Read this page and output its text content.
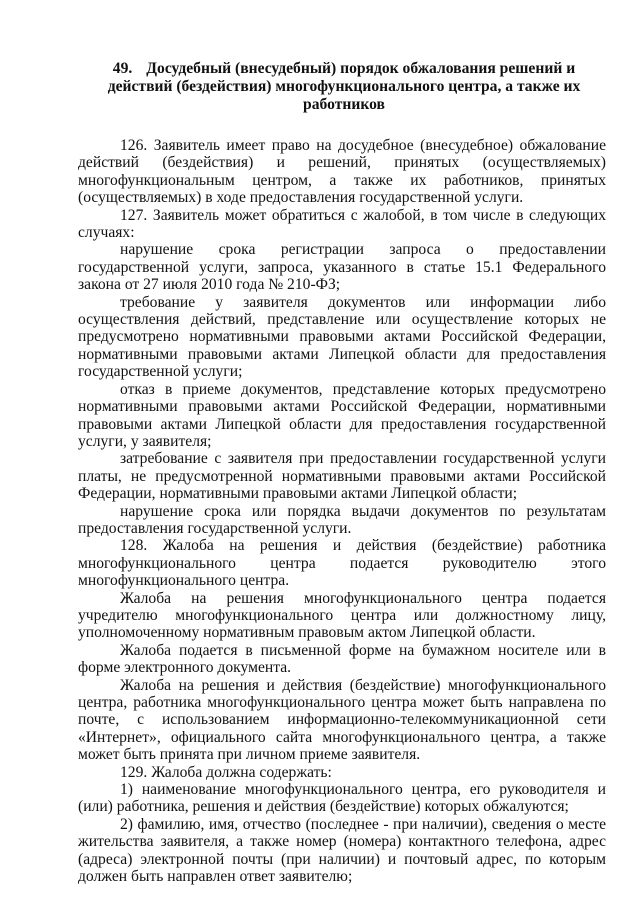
49. Досудебный (внесудебный) порядок обжалования решений и действий (бездействия) многофункционального центра, а также их работников

126. Заявитель имеет право на досудебное (внесудебное) обжалование действий (бездействия) и решений, принятых (осуществляемых) многофункциональным центром, а также их работников, принятых (осуществляемых) в ходе предоставления государственной услуги.

127. Заявитель может обратиться с жалобой, в том числе в следующих случаях:

нарушение срока регистрации запроса о предоставлении государственной услуги, запроса, указанного в статье 15.1 Федерального закона от 27 июля 2010 года № 210-ФЗ;

требование у заявителя документов или информации либо осуществления действий, представление или осуществление которых не предусмотрено нормативными правовыми актами Российской Федерации, нормативными правовыми актами Липецкой области для предоставления государственной услуги;

отказ в приеме документов, представление которых предусмотрено нормативными правовыми актами Российской Федерации, нормативными правовыми актами Липецкой области для предоставления государственной услуги, у заявителя;

затребование с заявителя при предоставлении государственной услуги платы, не предусмотренной нормативными правовыми актами Российской Федерации, нормативными правовыми актами Липецкой области;

нарушение срока или порядка выдачи документов по результатам предоставления государственной услуги.

128. Жалоба на решения и действия (бездействие) работника многофункционального центра подается руководителю этого многофункционального центра.

Жалоба на решения многофункционального центра подается учредителю многофункционального центра или должностному лицу, уполномоченному нормативным правовым актом Липецкой области.

Жалоба подается в письменной форме на бумажном носителе или в форме электронного документа.

Жалоба на решения и действия (бездействие) многофункционального центра, работника многофункционального центра может быть направлена по почте, с использованием информационно-телекоммуникационной сети «Интернет», официального сайта многофункционального центра, а также может быть принята при личном приеме заявителя.

129. Жалоба должна содержать:

1) наименование многофункционального центра, его руководителя и (или) работника, решения и действия (бездействие) которых обжалуются;

2) фамилию, имя, отчество (последнее - при наличии), сведения о месте жительства заявителя, а также номер (номера) контактного телефона, адрес (адреса) электронной почты (при наличии) и почтовый адрес, по которым должен быть направлен ответ заявителю;
